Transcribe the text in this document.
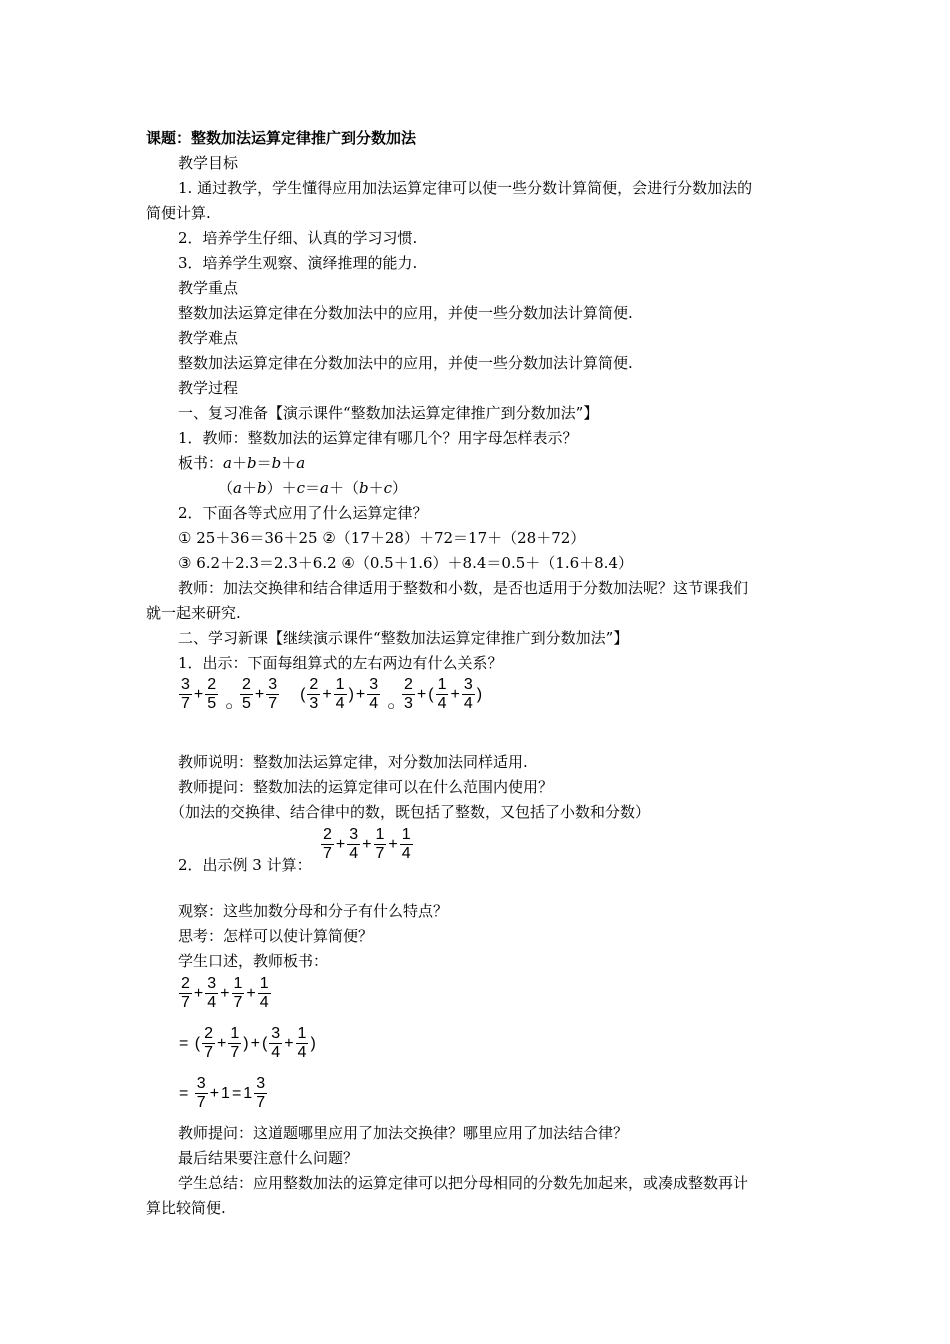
课题：整数加法运算定律推广到分数加法
教学目标
1. 通过教学，学生懂得应用加法运算定律可以使一些分数计算简便，会进行分数加法的
简便计算.
2．培养学生仔细、认真的学习习惯.
3．培养学生观察、演绎推理的能力.
教学重点
整数加法运算定律在分数加法中的应用，并使一些分数加法计算简便.
教学难点
整数加法运算定律在分数加法中的应用，并使一些分数加法计算简便.
教学过程
一、复习准备【演示课件“整数加法运算定律推广到分数加法”】
1．教师：整数加法的运算定律有哪几个？用字母怎样表示？
板书：a＋b＝b＋a
（a＋b）＋c＝a＋（b＋c）
2．下面各等式应用了什么运算定律？
① 25＋36＝36＋25 ②（17＋28）＋72＝17＋（28＋72）
③ 6.2＋2.3＝2.3＋6.2 ④（0.5＋1.6）＋8.4＝0.5＋（1.6＋8.4）
教师：加法交换律和结合律适用于整数和小数，是否也适用于分数加法呢？这节课我们
就一起来研究.
二、学习新课【继续演示课件“整数加法运算定律推广到分数加法”】
1．出示：下面每组算式的左右两边有什么关系？
$\frac{3}{7} + \frac{2}{5}$ ○ $\frac{2}{5} + \frac{3}{7}$ ( $\frac{2}{3} + \frac{1}{4}$ ) + $\frac{3}{4}$ ○ $\frac{2}{3}$ + ( $\frac{1}{4} + \frac{3}{4}$ )
教师说明：整数加法运算定律，对分数加法同样适用.
教师提问：整数加法的运算定律可以在什么范围内使用？
（加法的交换律、结合律中的数，既包括了整数，又包括了小数和分数）
2．出示例 3 计算：
$\frac{2}{7} + \frac{3}{4} + \frac{1}{7} + \frac{1}{4}$
观察：这些加数分母和分子有什么特点？
思考：怎样可以使计算简便？
学生口述，教师板书：
$\frac{2}{7} + \frac{3}{4} + \frac{1}{7} + \frac{1}{4}$
= ( $\frac{2}{7} + \frac{1}{7}$ ) + ( $\frac{3}{4} + \frac{1}{4}$ )
= $\frac{3}{7} + 1 = 1 \frac{3}{7}$
教师提问：这道题哪里应用了加法交换律？哪里应用了加法结合律？
最后结果要注意什么问题？
学生总结：应用整数加法的运算定律可以把分母相同的分数先加起来，或凑成整数再计
算比较简便.
